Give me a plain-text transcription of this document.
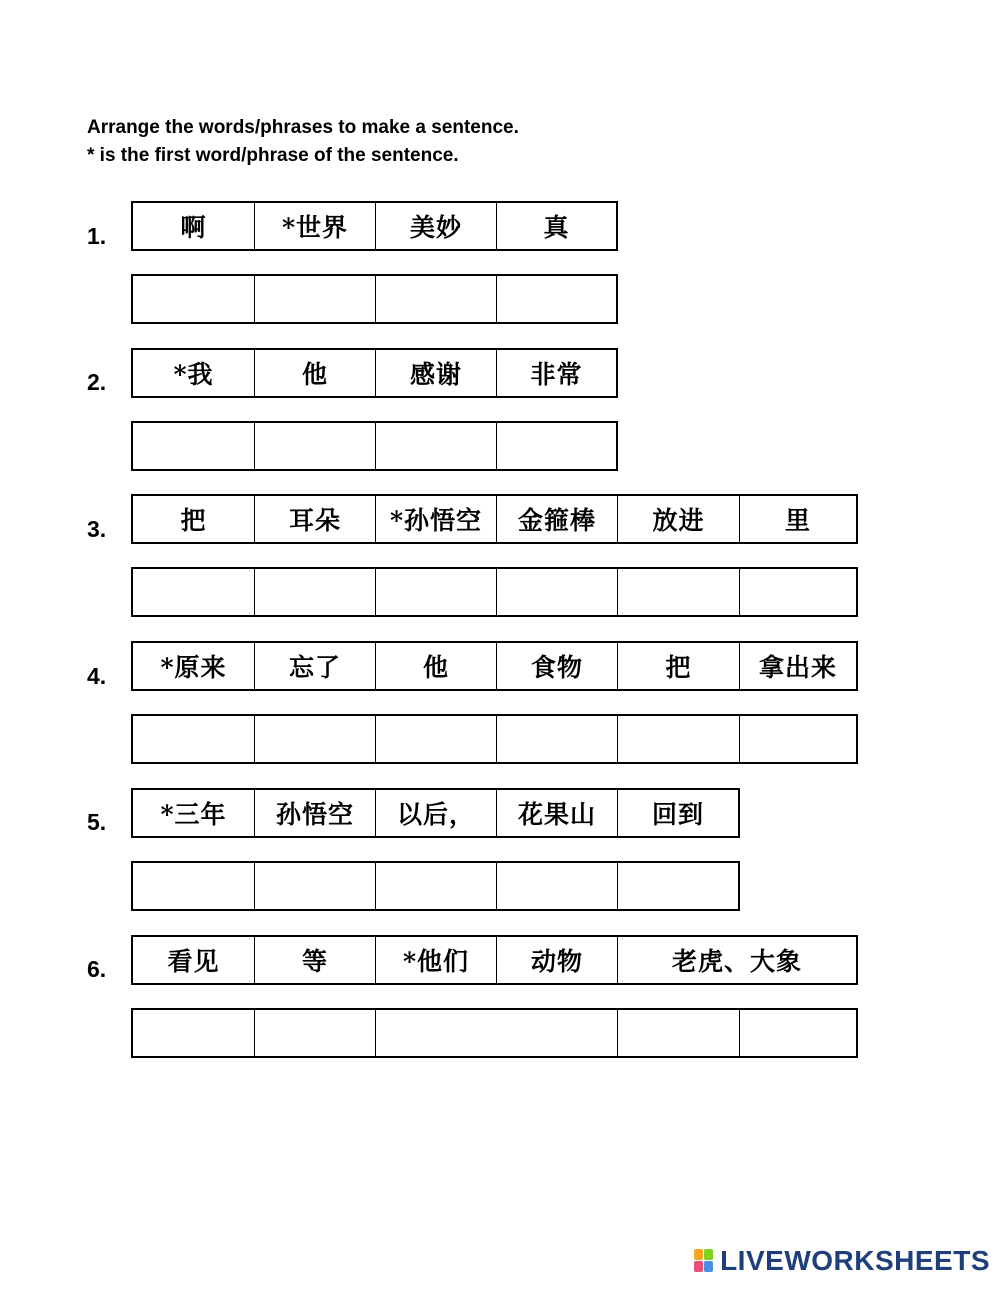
Arrange the words/phrases to make a sentence.
* is the first word/phrase of the sentence.
1.	啊	*世界	美妙	真
2.	*我	他	感谢	非常
3.	把	耳朵	*孙悟空	金箍棒	放进	里
4.	*原来	忘了	他	食物	把	拿出来
5.	*三年	孙悟空	以后，	花果山	回到
6.	看见	等	*他们	动物	老虎、大象
LIVEWORKSHEETS
